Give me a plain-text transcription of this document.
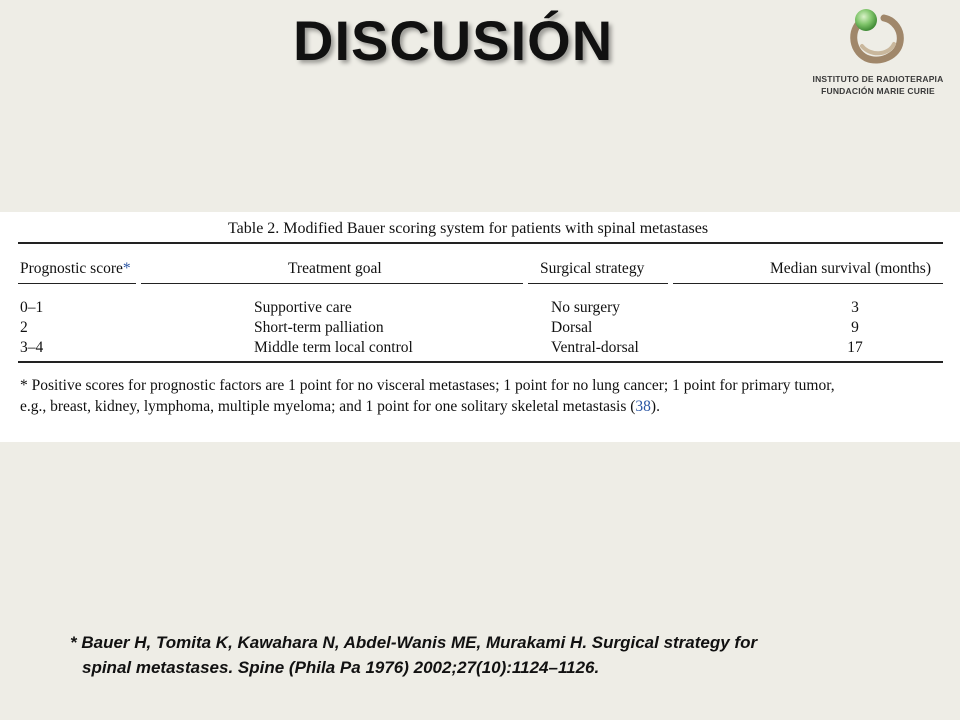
DISCUSIÓN
INSTITUTO DE RADIOTERAPIA
FUNDACIÓN MARIE CURIE
Table 2. Modified Bauer scoring system for patients with spinal metastases
Prognostic score*	Treatment goal	Surgical strategy	Median survival (months)
0–1	Supportive care	No surgery	3
2	Short-term palliation	Dorsal	9
3–4	Middle term local control	Ventral-dorsal	17
* Positive scores for prognostic factors are 1 point for no visceral metastases; 1 point for no lung cancer; 1 point for primary tumor,
e.g., breast, kidney, lymphoma, multiple myeloma; and 1 point for one solitary skeletal metastasis (38).
* Bauer H, Tomita K, Kawahara N, Abdel-Wanis ME, Murakami H. Surgical strategy for
spinal metastases. Spine (Phila Pa 1976) 2002;27(10):1124–1126.
